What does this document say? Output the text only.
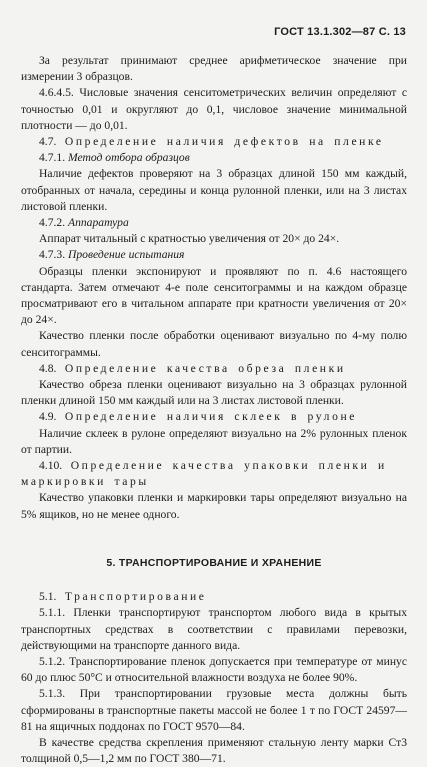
ГОСТ 13.1.302—87 С. 13

За результат принимают среднее арифметическое значение при измерении 3 образцов.

4.6.4.5. Числовые значения сенситометрических величин определяют с точностью 0,01 и округляют до 0,1, числовое значение минимальной плотности — до 0,01.

4.7. Определение наличия дефектов на пленке

4.7.1. Метод отбора образцов

Наличие дефектов проверяют на 3 образцах длиной 150 мм каждый, отобранных от начала, середины и конца рулонной пленки, или на 3 листах листовой пленки.

4.7.2. Аппаратура

Аппарат читальный с кратностью увеличения от 20× до 24×.

4.7.3. Проведение испытания

Образцы пленки экспонируют и проявляют по п. 4.6 настоящего стандарта. Затем отмечают 4-е поле сенситограммы и на каждом образце просматривают его в читальном аппарате при кратности увеличения от 20× до 24×.

Качество пленки после обработки оценивают визуально по 4-му полю сенситограммы.

4.8. Определение качества обреза пленки

Качество обреза пленки оценивают визуально на 3 образцах рулонной пленки длиной 150 мм каждый или на 3 листах листовой пленки.

4.9. Определение наличия склеек в рулоне

Наличие склеек в рулоне определяют визуально на 2% рулонных пленок от партии.

4.10. Определение качества упаковки пленки и маркировки тары

Качество упаковки пленки и маркировки тары определяют визуально на 5% ящиков, но не менее одного.

5. ТРАНСПОРТИРОВАНИЕ И ХРАНЕНИЕ

5.1. Транспортирование

5.1.1. Пленки транспортируют транспортом любого вида в крытых транспортных средствах в соответствии с правилами перевозки, действующими на транспорте данного вида.

5.1.2. Транспортирование пленок допускается при температуре от минус 60 до плюс 50°С и относительной влажности воздуха не более 90%.

5.1.3. При транспортировании грузовые места должны быть сформированы в транспортные пакеты массой не более 1 т по ГОСТ 24597—81 на ящичных поддонах по ГОСТ 9570—84.

В качестве средства скрепления применяют стальную ленту марки Ст3 толщиной 0,5—1,2 мм по ГОСТ 380—71.
